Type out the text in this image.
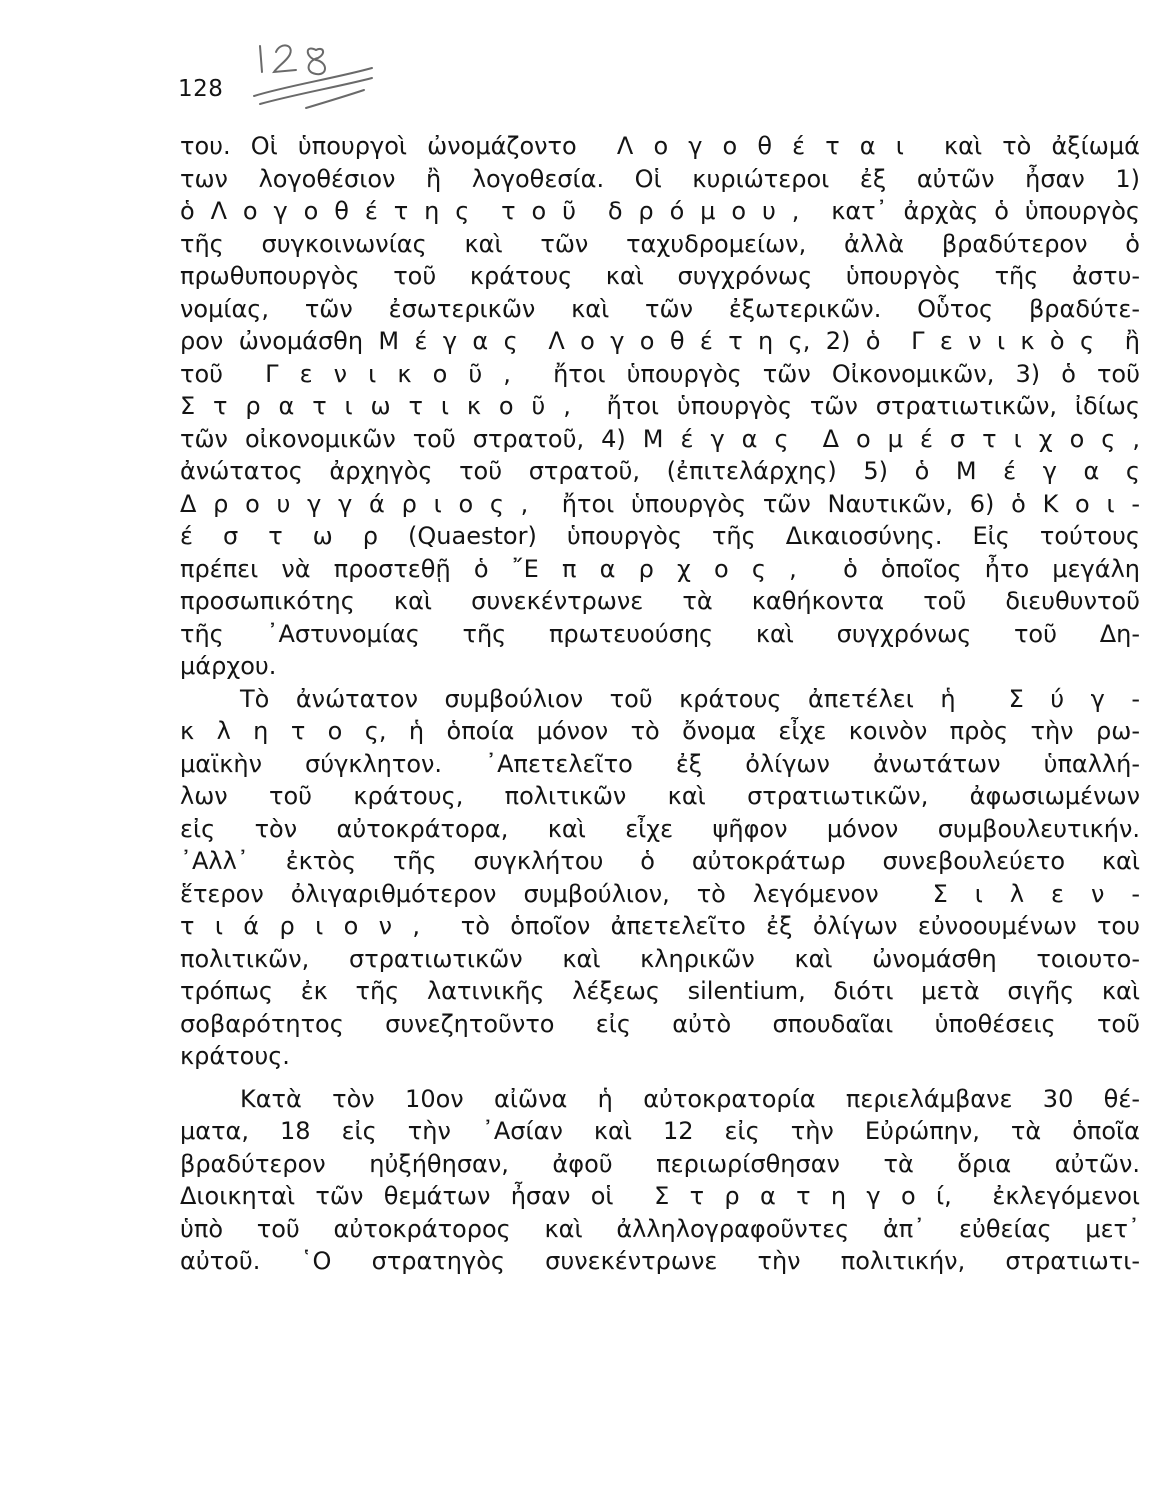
128
του. Οἱ ὑπουργοὶ ὠνομάζοντο  Λ ο γ ο θ έ τ α ι  καὶ τὸ ἀξίωμά
των λογοθέσιον ἢ λογοθεσία. Οἱ κυριώτεροι ἐξ αὐτῶν ἦσαν 1)
ὁ Λ ο γ ο θ έ τ η ς  τ ο ῦ  δ ρ ό μ ο υ ,  κατ᾽ ἀρχὰς ὁ ὑπουργὸς
τῆς συγκοινωνίας καὶ τῶν ταχυδρομείων, ἀλλὰ βραδύτερον ὁ
πρωθυπουργὸς τοῦ κράτους καὶ συγχρόνως ὑπουργὸς τῆς ἀστυ-
νομίας, τῶν ἐσωτερικῶν καὶ τῶν ἐξωτερικῶν. Οὗτος βραδύτε-
ρον ὠνομάσθη Μ έ γ α ς  Λ ο γ ο θ έ τ η ς, 2) ὁ  Γ ε ν ι κ ὸ ς  ἢ
τοῦ  Γ ε ν ι κ ο ῦ ,  ἤτοι ὑπουργὸς τῶν Οἰκονομικῶν, 3) ὁ τοῦ
Σ τ ρ α τ ι ω τ ι κ ο ῦ ,  ἤτοι ὑπουργὸς τῶν στρατιωτικῶν, ἰδίως
τῶν οἰκονομικῶν τοῦ στρατοῦ, 4) Μ έ γ α ς  Δ ο μ έ σ τ ι χ ο ς ,
ἀνώτατος ἀρχηγὸς τοῦ στρατοῦ, (ἐπιτελάρχης) 5) ὁ Μ έ γ α ς
Δ ρ ο υ γ γ ά ρ ι ο ς ,  ἤτοι ὑπουργὸς τῶν Ναυτικῶν, 6) ὁ Κ ο ι -
έ σ τ ω ρ (Quaestor) ὑπουργὸς τῆς Δικαιοσύνης. Εἰς τούτους
πρέπει νὰ προστεθῇ ὁ ῎Ε π α ρ χ ο ς ,  ὁ ὁποῖος ἦτο μεγάλη
προσωπικότης καὶ συνεκέντρωνε τὰ καθήκοντα τοῦ διευθυντοῦ
τῆς ᾿Αστυνομίας τῆς πρωτευούσης καὶ συγχρόνως τοῦ Δη-
μάρχου.
Τὸ ἀνώτατον συμβούλιον τοῦ κράτους ἀπετέλει ἡ  Σ ύ γ -
κ λ η τ ο ς, ἡ ὁποία μόνον τὸ ὄνομα εἶχε κοινὸν πρὸς τὴν ρω-
μαϊκὴν σύγκλητον. ᾿Απετελεῖτο ἐξ ὀλίγων ἀνωτάτων ὑπαλλή-
λων τοῦ κράτους, πολιτικῶν καὶ στρατιωτικῶν, ἀφωσιωμένων
εἰς τὸν αὐτοκράτορα, καὶ εἶχε ψῆφον μόνον συμβουλευτικήν.
᾿Αλλ᾽ ἐκτὸς τῆς συγκλήτου ὁ αὐτοκράτωρ συνεβουλεύετο καὶ
ἕτερον ὀλιγαριθμότερον συμβούλιον, τὸ λεγόμενον  Σ ι λ ε ν -
τ ι ά ρ ι ο ν ,  τὸ ὁποῖον ἀπετελεῖτο ἐξ ὀλίγων εὐνοουμένων του
πολιτικῶν, στρατιωτικῶν καὶ κληρικῶν καὶ ὠνομάσθη τοιουτο-
τρόπως ἐκ τῆς λατινικῆς λέξεως silentium, διότι μετὰ σιγῆς καὶ
σοβαρότητος συνεζητοῦντο εἰς αὐτὸ σπουδαῖαι ὑποθέσεις τοῦ
κράτους.
Κατὰ τὸν 10ον αἰῶνα ἡ αὐτοκρατορία περιελάμβανε 30 θέ-
ματα, 18 εἰς τὴν ᾿Ασίαν καὶ 12 εἰς τὴν Εὐρώπην, τὰ ὁποῖα
βραδύτερον ηὐξήθησαν, ἀφοῦ περιωρίσθησαν τὰ ὅρια αὐτῶν.
Διοικηταὶ τῶν θεμάτων ἦσαν οἱ  Σ τ ρ α τ η γ ο ί,  ἐκλεγόμενοι
ὑπὸ τοῦ αὐτοκράτορος καὶ ἀλληλογραφοῦντες ἀπ᾽ εὐθείας μετ᾽
αὐτοῦ. ῾Ο στρατηγὸς συνεκέντρωνε τὴν πολιτικήν, στρατιωτι-
